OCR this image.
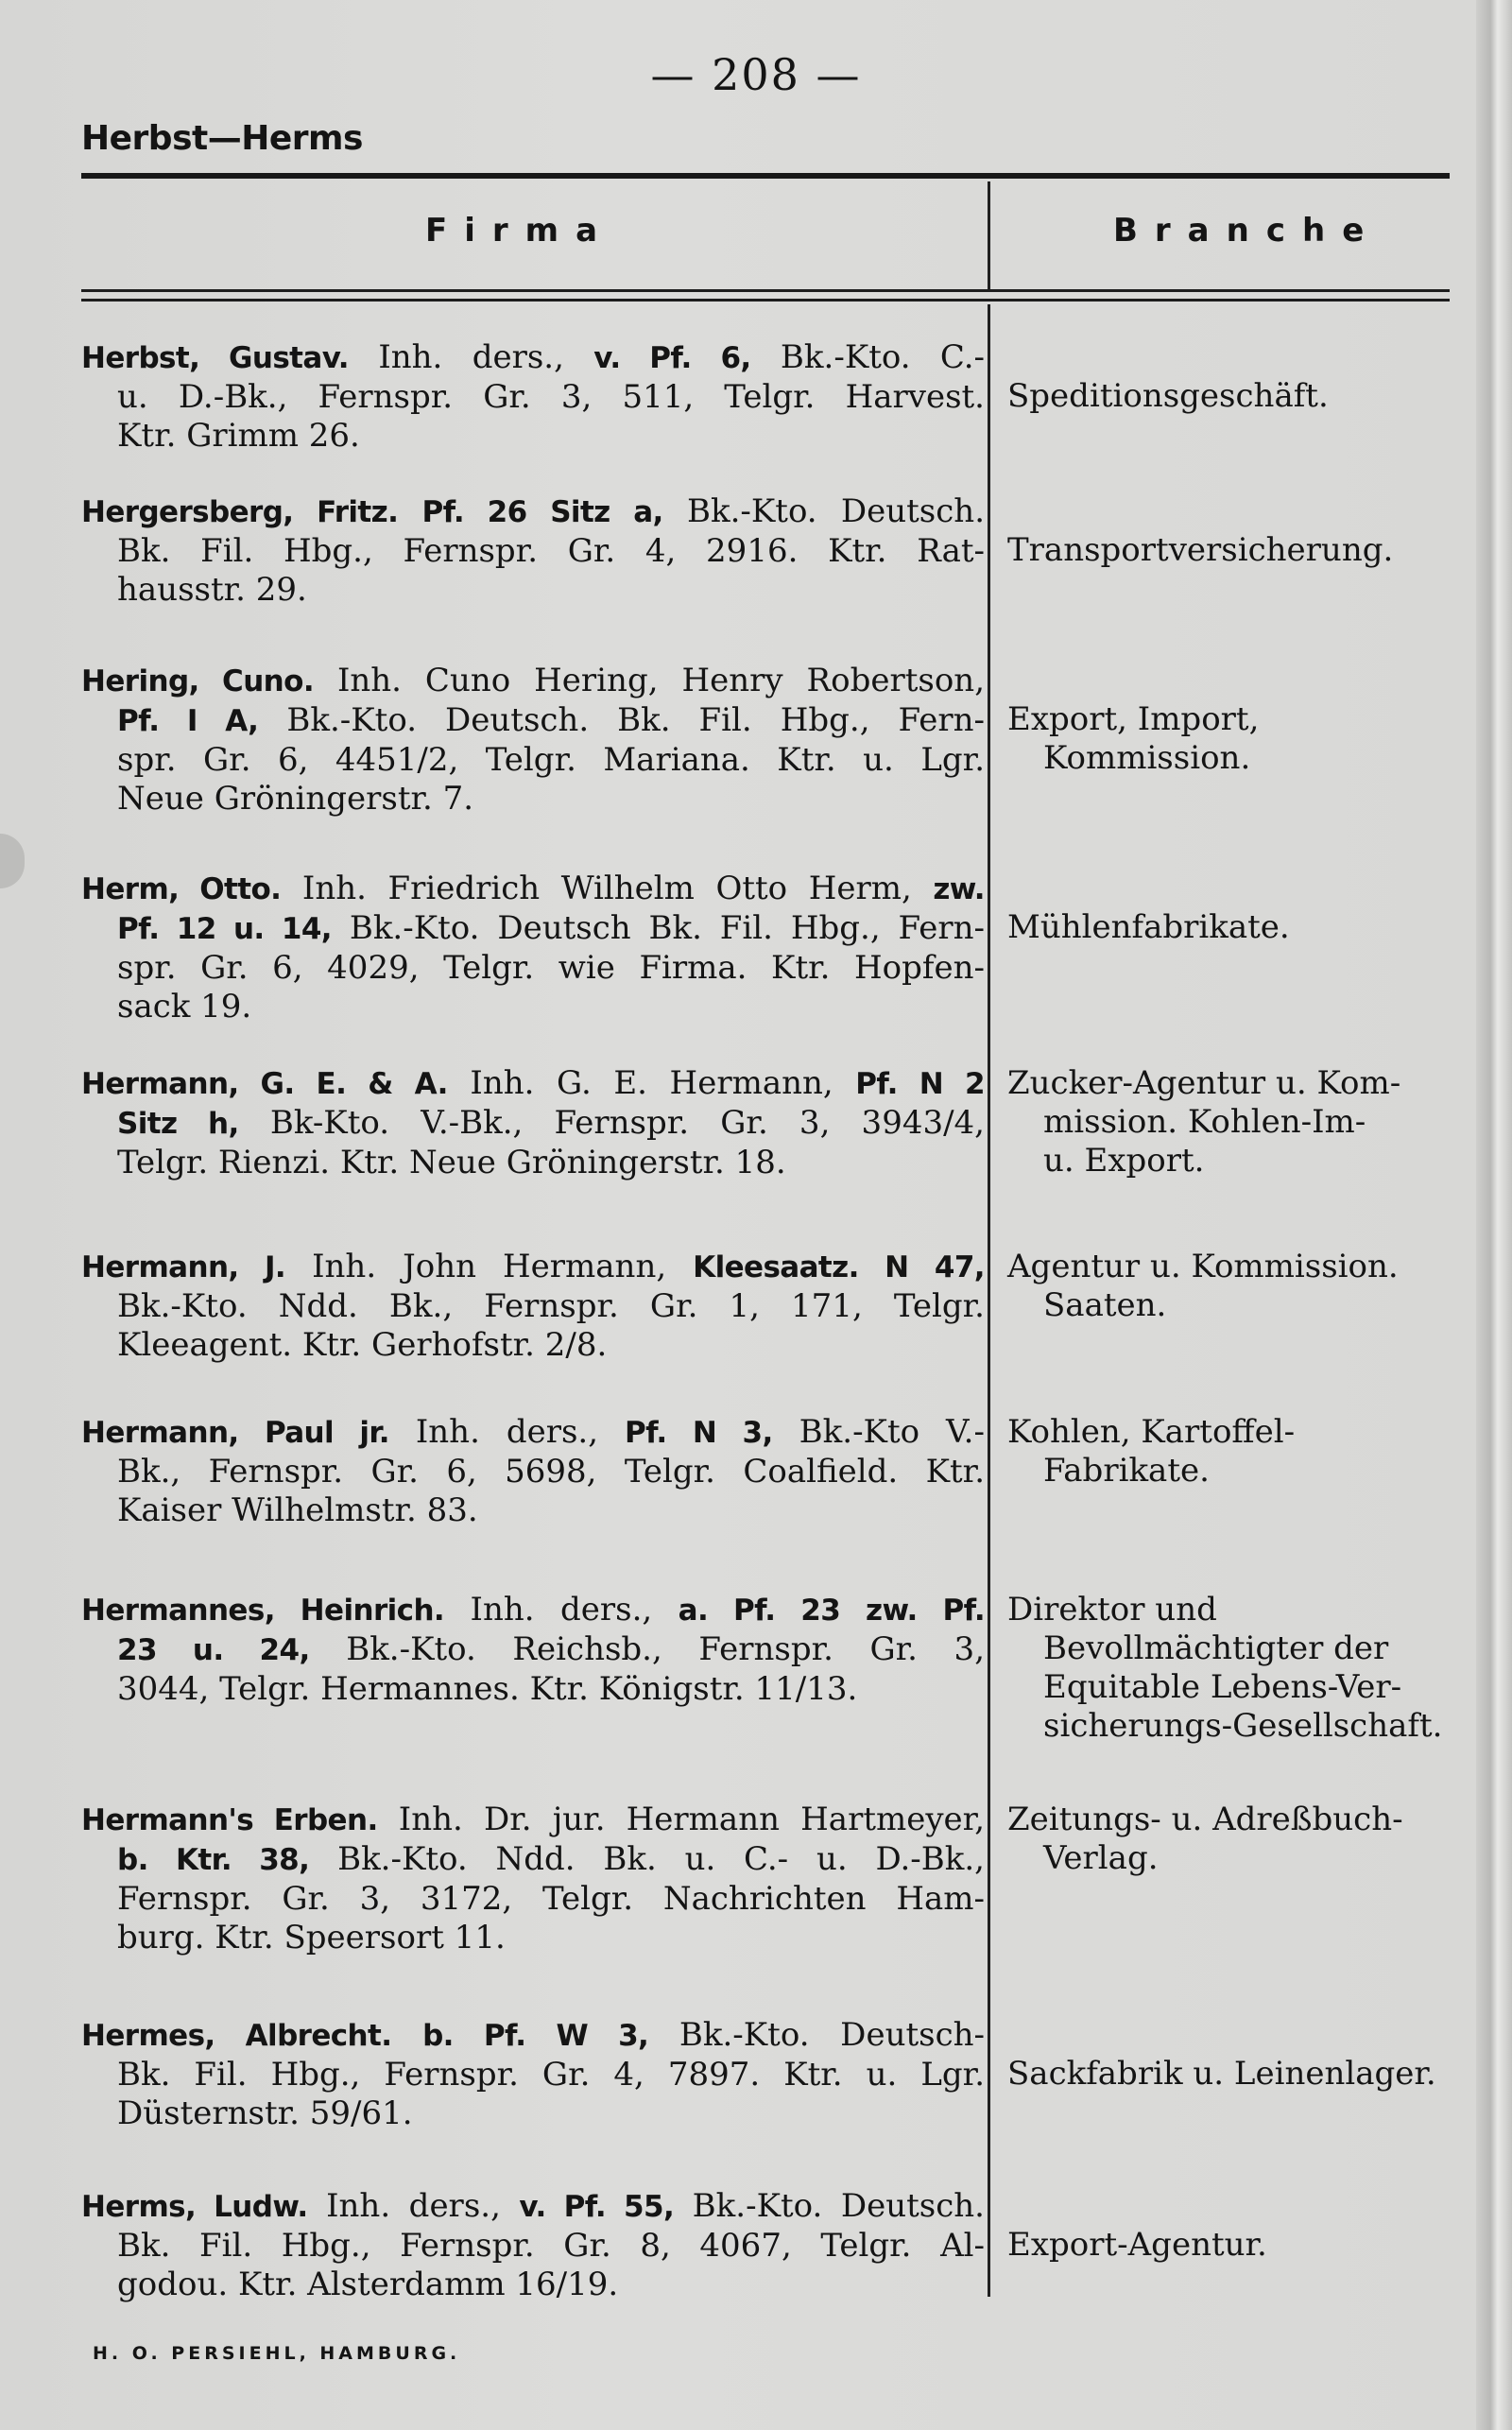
— 208 —
Herbst—Herms
Firma	Branche
Herbst, Gustav. Inh. ders., v. Pf. 6, Bk.-Kto. C.-
u. D.-Bk., Fernspr. Gr. 3, 511, Telgr. Harvest.
Ktr. Grimm 26.
Speditionsgeschäft.
Hergersberg, Fritz. Pf. 26 Sitz a, Bk.-Kto. Deutsch.
Bk. Fil. Hbg., Fernspr. Gr. 4, 2916. Ktr. Rat-
hausstr. 29.
Transportversicherung.
Hering, Cuno. Inh. Cuno Hering, Henry Robertson,
Pf. I A, Bk.-Kto. Deutsch. Bk. Fil. Hbg., Fern-
spr. Gr. 6, 4451/2, Telgr. Mariana. Ktr. u. Lgr.
Neue Gröningerstr. 7.
Export, Import,
Kommission.
Herm, Otto. Inh. Friedrich Wilhelm Otto Herm, zw.
Pf. 12 u. 14, Bk.-Kto. Deutsch Bk. Fil. Hbg., Fern-
spr. Gr. 6, 4029, Telgr. wie Firma. Ktr. Hopfen-
sack 19.
Mühlenfabrikate.
Hermann, G. E. & A. Inh. G. E. Hermann, Pf. N 2
Sitz h, Bk-Kto. V.-Bk., Fernspr. Gr. 3, 3943/4,
Telgr. Rienzi. Ktr. Neue Gröningerstr. 18.
Zucker-Agentur u. Kom-
mission. Kohlen-Im-
u. Export.
Hermann, J. Inh. John Hermann, Kleesaatz. N 47,
Bk.-Kto. Ndd. Bk., Fernspr. Gr. 1, 171, Telgr.
Kleeagent. Ktr. Gerhofstr. 2/8.
Agentur u. Kommission.
Saaten.
Hermann, Paul jr. Inh. ders., Pf. N 3, Bk.-Kto V.-
Bk., Fernspr. Gr. 6, 5698, Telgr. Coalfield. Ktr.
Kaiser Wilhelmstr. 83.
Kohlen, Kartoffel-
Fabrikate.
Hermannes, Heinrich. Inh. ders., a. Pf. 23 zw. Pf.
23 u. 24, Bk.-Kto. Reichsb., Fernspr. Gr. 3,
3044, Telgr. Hermannes. Ktr. Königstr. 11/13.
Direktor und
Bevollmächtigter der
Equitable Lebens-Ver-
sicherungs-Gesellschaft.
Hermann's Erben. Inh. Dr. jur. Hermann Hartmeyer,
b. Ktr. 38, Bk.-Kto. Ndd. Bk. u. C.- u. D.-Bk.,
Fernspr. Gr. 3, 3172, Telgr. Nachrichten Ham-
burg. Ktr. Speersort 11.
Zeitungs- u. Adreßbuch-
Verlag.
Hermes, Albrecht. b. Pf. W 3, Bk.-Kto. Deutsch-
Bk. Fil. Hbg., Fernspr. Gr. 4, 7897. Ktr. u. Lgr.
Düsternstr. 59/61.
Sackfabrik u. Leinenlager.
Herms, Ludw. Inh. ders., v. Pf. 55, Bk.-Kto. Deutsch.
Bk. Fil. Hbg., Fernspr. Gr. 8, 4067, Telgr. Al-
godou. Ktr. Alsterdamm 16/19.
Export-Agentur.
H. O. PERSIEHL, HAMBURG.
